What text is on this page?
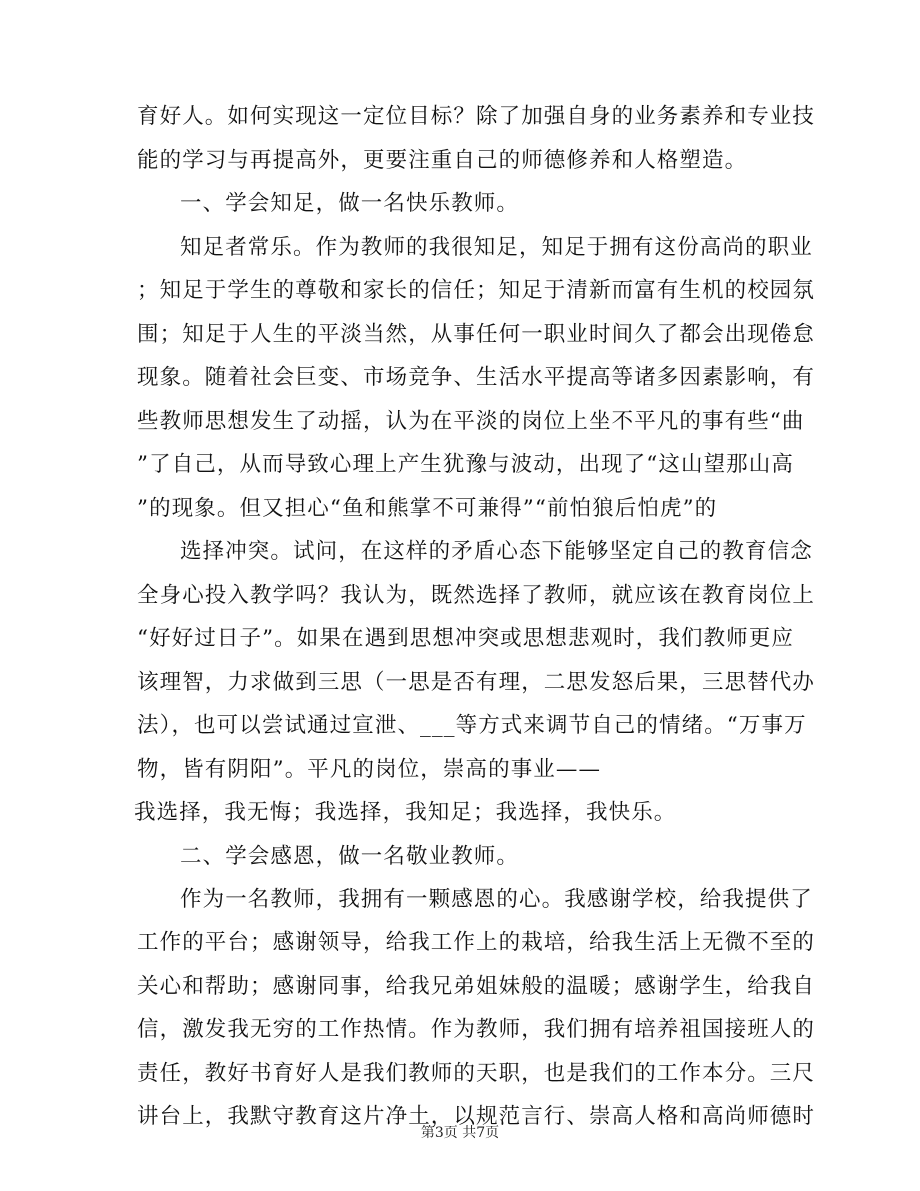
育好人。如何实现这一定位目标？除了加强自身的业务素养和专业技
能的学习与再提高外，更要注重自己的师德修养和人格塑造。
一、学会知足，做一名快乐教师。
知足者常乐。作为教师的我很知足，知足于拥有这份高尚的职业
；知足于学生的尊敬和家长的信任；知足于清新而富有生机的校园氛
围；知足于人生的平淡当然，从事任何一职业时间久了都会出现倦怠
现象。随着社会巨变、市场竞争、生活水平提高等诸多因素影响，有
些教师思想发生了动摇，认为在平淡的岗位上坐不平凡的事有些“曲
”了自己，从而导致心理上产生犹豫与波动，出现了“这山望那山高
”的现象。但又担心“鱼和熊掌不可兼得”“前怕狼后怕虎”的
选择冲突。试问，在这样的矛盾心态下能够坚定自己的教育信念
全身心投入教学吗？我认为，既然选择了教师，就应该在教育岗位上
“好好过日子”。如果在遇到思想冲突或思想悲观时，我们教师更应
该理智，力求做到三思（一思是否有理，二思发怒后果，三思替代办
法），也可以尝试通过宣泄、___等方式来调节自己的情绪。“万事万
物，皆有阴阳”。平凡的岗位，崇高的事业——
我选择，我无悔；我选择，我知足；我选择，我快乐。
二、学会感恩，做一名敬业教师。
作为一名教师，我拥有一颗感恩的心。我感谢学校，给我提供了
工作的平台；感谢领导，给我工作上的栽培，给我生活上无微不至的
关心和帮助；感谢同事，给我兄弟姐妹般的温暖；感谢学生，给我自
信，激发我无穷的工作热情。作为教师，我们拥有培养祖国接班人的
责任，教好书育好人是我们教师的天职，也是我们的工作本分。三尺
讲台上，我默守教育这片净土，以规范言行、崇高人格和高尚师德时
第3页 共7页
